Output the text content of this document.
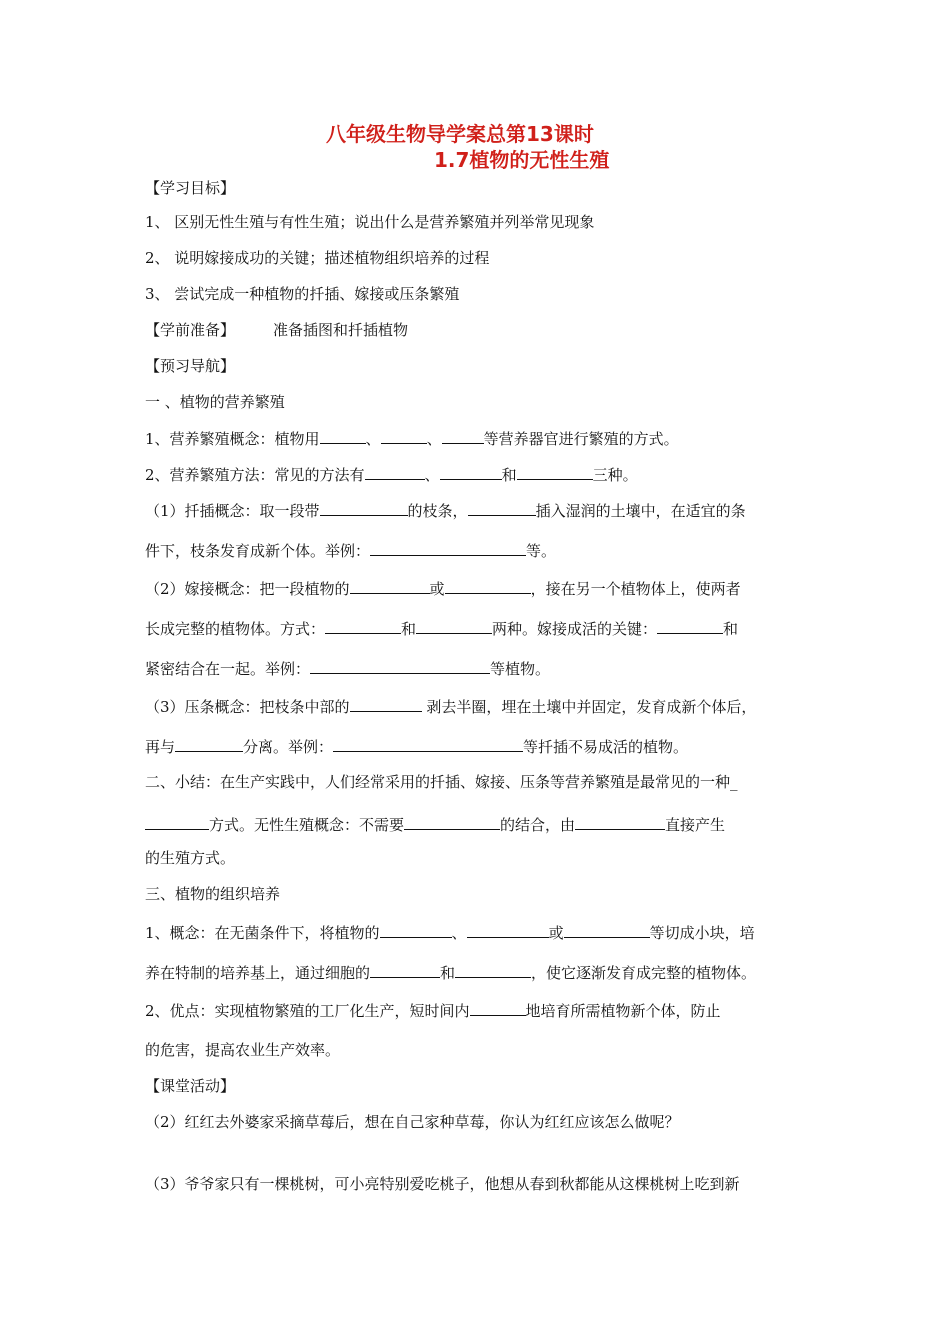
八年级生物导学案总第13课时
1.7植物的无性生殖
【学习目标】
1、 区别无性生殖与有性生殖；说出什么是营养繁殖并列举常见现象
2、 说明嫁接成功的关键；描述植物组织培养的过程
3、 尝试完成一种植物的扦插、嫁接或压条繁殖
【学前准备】	准备插图和扦插植物
【预习导航】
一 、植物的营养繁殖
1、营养繁殖概念：植物用	、	、	等营养器官进行繁殖的方式。
2、营养繁殖方法：常见的方法有	、	和	三种。
（1）扦插概念：取一段带	的枝条，	插入湿润的土壤中，在适宜的条
件下，枝条发育成新个体。举例：	等。
（2）嫁接概念：把一段植物的	或	，接在另一个植物体上，使两者
长成完整的植物体。方式：	和	两种。嫁接成活的关键：	和
紧密结合在一起。举例：	等植物。
（3）压条概念：把枝条中部的	剥去半圈，埋在土壤中并固定，发育成新个体后，
再与	分离。举例：	等扦插不易成活的植物。
二、小结：在生产实践中，人们经常采用的扦插、嫁接、压条等营养繁殖是最常见的一种_
方式。无性生殖概念：不需要	的结合，由	直接产生
的生殖方式。
三、植物的组织培养
1、概念：在无菌条件下，将植物的	、	或	等切成小块，培
养在特制的培养基上，通过细胞的	和	，使它逐渐发育成完整的植物体。
2、优点：实现植物繁殖的工厂化生产，短时间内	地培育所需植物新个体，防止
的危害，提高农业生产效率。
【课堂活动】
（2）红红去外婆家采摘草莓后，想在自己家种草莓，你认为红红应该怎么做呢？
（3）爷爷家只有一棵桃树，可小亮特别爱吃桃子，他想从春到秋都能从这棵桃树上吃到新
